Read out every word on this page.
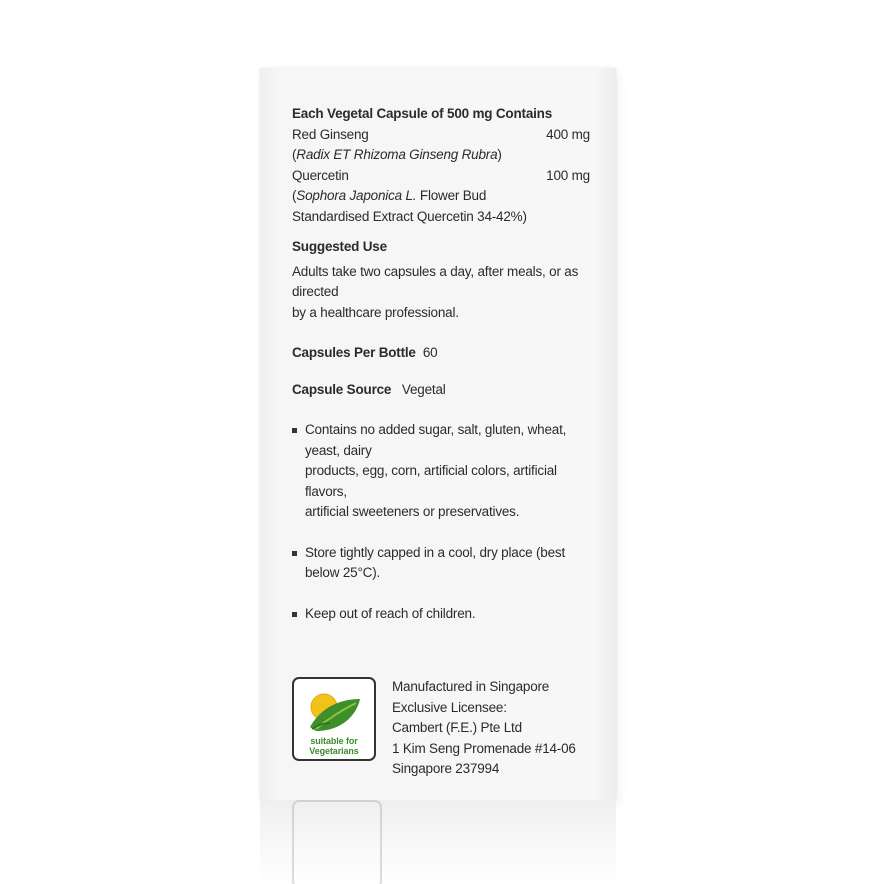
Each Vegetal Capsule of 500 mg Contains
Red Ginseng	400 mg
(Radix ET Rhizoma Ginseng Rubra)
Quercetin	100 mg
(Sophora Japonica L. Flower Bud
Standardised Extract Quercetin 34-42%)
Suggested Use
Adults take two capsules a day, after meals, or as directed
by a healthcare professional.
Capsules Per Bottle 60
Capsule Source Vegetal
Contains no added sugar, salt, gluten, wheat, yeast, dairy
products, egg, corn, artificial colors, artificial flavors,
artificial sweeteners or preservatives.
Store tightly capped in a cool, dry place (best below 25°C).
Keep out of reach of children.
suitable for
Vegetarians
Manufactured in Singapore
Exclusive Licensee:
Cambert (F.E.) Pte Ltd
1 Kim Seng Promenade #14-06
Singapore 237994
